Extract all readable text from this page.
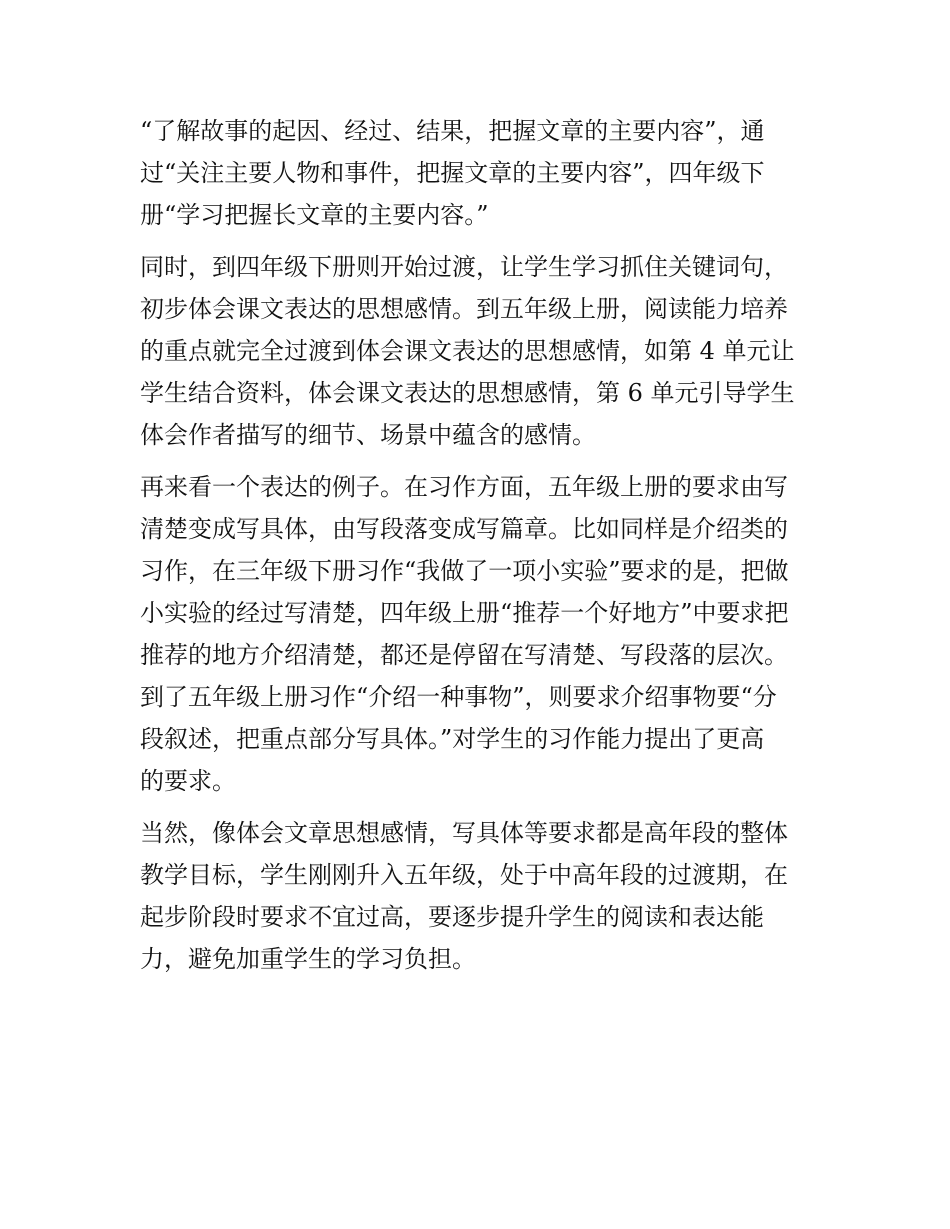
“了解故事的起因、经过、结果，把握文章的主要内容”，通
过“关注主要人物和事件，把握文章的主要内容”，四年级下
册“学习把握长文章的主要内容。”
同时，到四年级下册则开始过渡，让学生学习抓住关键词句，
初步体会课文表达的思想感情。到五年级上册，阅读能力培养
的重点就完全过渡到体会课文表达的思想感情，如第 4 单元让
学生结合资料，体会课文表达的思想感情，第 6 单元引导学生
体会作者描写的细节、场景中蕴含的感情。
再来看一个表达的例子。在习作方面，五年级上册的要求由写
清楚变成写具体，由写段落变成写篇章。比如同样是介绍类的
习作，在三年级下册习作“我做了一项小实验”要求的是，把做
小实验的经过写清楚，四年级上册“推荐一个好地方”中要求把
推荐的地方介绍清楚，都还是停留在写清楚、写段落的层次。
到了五年级上册习作“介绍一种事物”，则要求介绍事物要“分
段叙述，把重点部分写具体。”对学生的习作能力提出了更高
的要求。
当然，像体会文章思想感情，写具体等要求都是高年段的整体
教学目标，学生刚刚升入五年级，处于中高年段的过渡期，在
起步阶段时要求不宜过高，要逐步提升学生的阅读和表达能
力，避免加重学生的学习负担。
